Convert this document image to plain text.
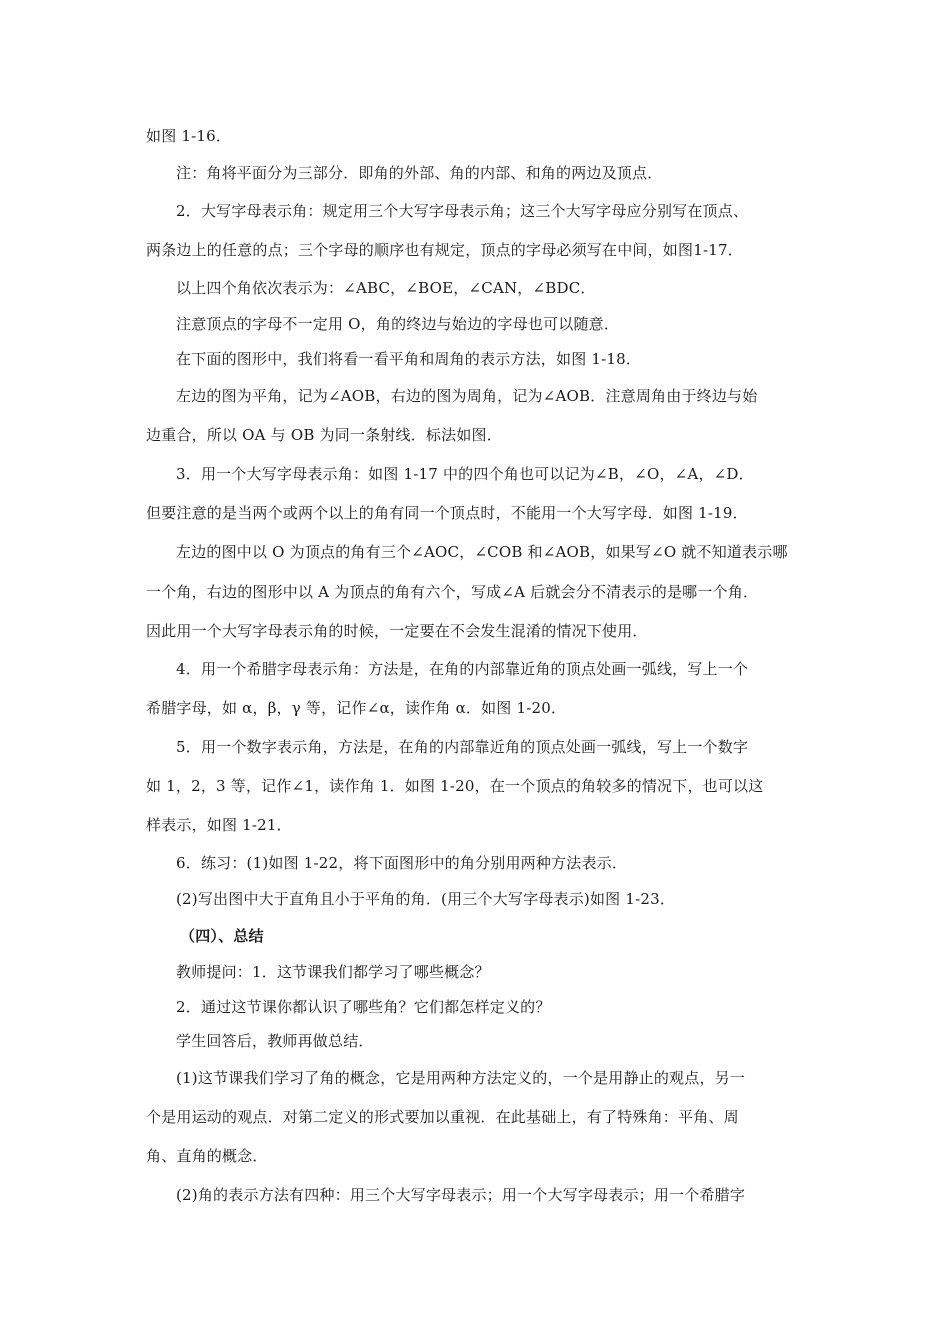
如图 1-16．
注：角将平面分为三部分．即角的外部、角的内部、和角的两边及顶点．
2．大写字母表示角：规定用三个大写字母表示角；这三个大写字母应分别写在顶点、
两条边上的任意的点；三个字母的顺序也有规定，顶点的字母必须写在中间，如图1-17．
以上四个角依次表示为：∠ABC，∠BOE，∠CAN，∠BDC．
注意顶点的字母不一定用 O，角的终边与始边的字母也可以随意．
在下面的图形中，我们将看一看平角和周角的表示方法，如图 1-18．
左边的图为平角，记为∠AOB，右边的图为周角，记为∠AOB．注意周角由于终边与始
边重合，所以 OA 与 OB 为同一条射线．标法如图．
3．用一个大写字母表示角：如图 1-17 中的四个角也可以记为∠B，∠O，∠A，∠D．
但要注意的是当两个或两个以上的角有同一个顶点时，不能用一个大写字母．如图 1-19．
左边的图中以 O 为顶点的角有三个∠AOC，∠COB 和∠AOB，如果写∠O 就不知道表示哪
一个角，右边的图形中以 A 为顶点的角有六个，写成∠A 后就会分不清表示的是哪一个角．
因此用一个大写字母表示角的时候，一定要在不会发生混淆的情况下使用．
4．用一个希腊字母表示角：方法是，在角的内部靠近角的顶点处画一弧线，写上一个
希腊字母，如 α，β，γ 等，记作∠α，读作角 α．如图 1-20．
5．用一个数字表示角，方法是，在角的内部靠近角的顶点处画一弧线，写上一个数字
如 1，2，3 等，记作∠1，读作角 1．如图 1-20，在一个顶点的角较多的情况下，也可以这
样表示，如图 1-21．
6．练习：(1)如图 1-22，将下面图形中的角分别用两种方法表示．
(2)写出图中大于直角且小于平角的角．(用三个大写字母表示)如图 1-23．
（四）、总结
教师提问：1．这节课我们都学习了哪些概念？
2．通过这节课你都认识了哪些角？它们都怎样定义的？
学生回答后，教师再做总结．
(1)这节课我们学习了角的概念，它是用两种方法定义的，一个是用静止的观点，另一
个是用运动的观点．对第二定义的形式要加以重视．在此基础上，有了特殊角：平角、周
角、直角的概念．
(2)角的表示方法有四种：用三个大写字母表示；用一个大写字母表示；用一个希腊字
